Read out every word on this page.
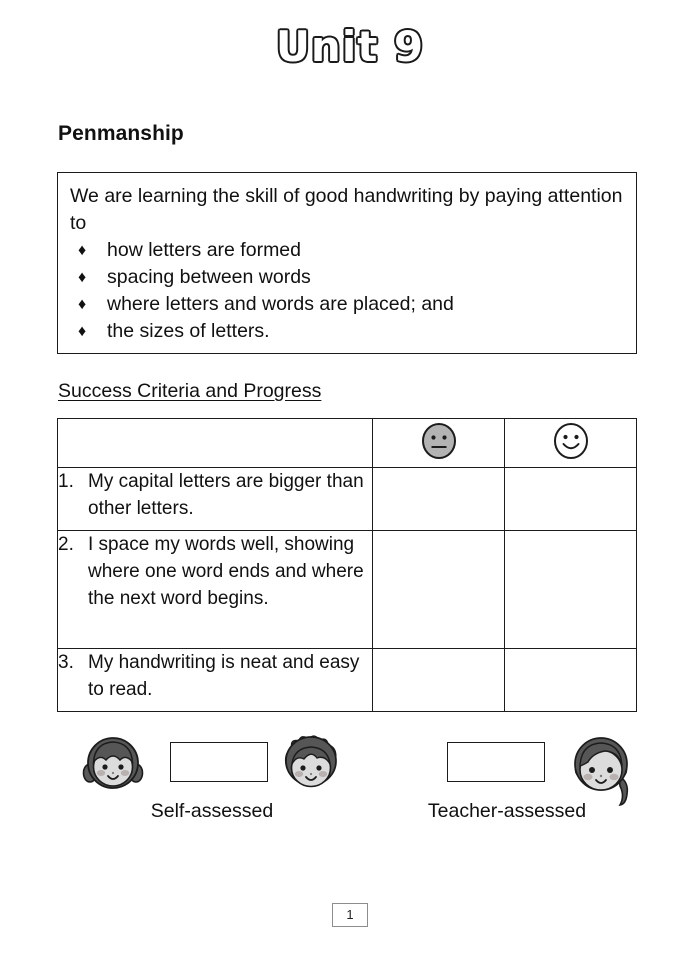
Unit 9
Penmanship

We are learning the skill of good handwriting by paying attention to

♦ how letters are formed
♦ spacing between words
♦ where letters and words are placed; and
♦ the sizes of letters.
Success Criteria and Progress

1. My capital letters are bigger than other letters.		

2. I space my words well, showing where one word ends and where the next word begins.		

3. My handwriting is neat and easy to read.		

Self-assessed	Teacher-assessed
1
